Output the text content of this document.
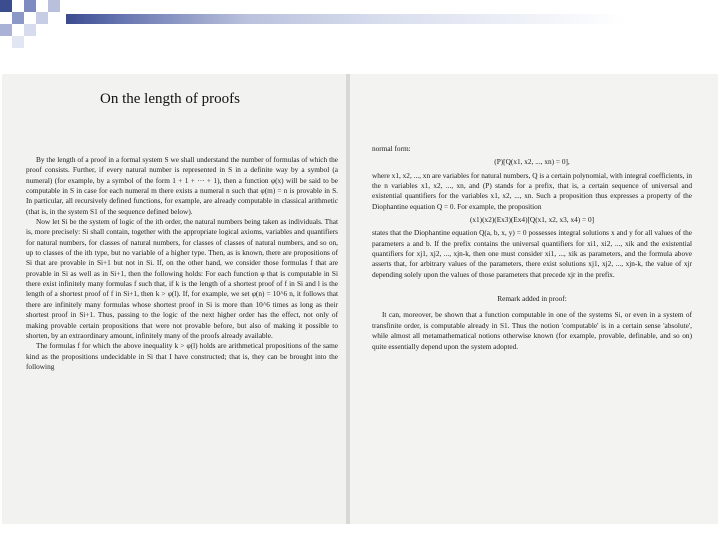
On the length of proofs

By the length of a proof in a formal system S we shall understand the number of formulas of which the proof consists. Further, if every natural number is represented in S in a definite way by a symbol (a numeral) (for example, by a symbol of the form 1 + 1 + ··· + 1), then a function φ(x) will be said to be computable in S in case for each numeral m there exists a numeral n such that φ(m) = n is provable in S. In particular, all recursively defined functions, for example, are already computable in classical arithmetic (that is, in the system S1 of the sequence defined below).

Now let Si be the system of logic of the ith order, the natural numbers being taken as individuals. That is, more precisely: Si shall contain, together with the appropriate logical axioms, variables and quantifiers for natural numbers, for classes of natural numbers, for classes of classes of natural numbers, and so on, up to classes of the ith type, but no variable of a higher type. Then, as is known, there are propositions of Si that are provable in Si+1 but not in Si. If, on the other hand, we consider those formulas f that are provable in Si as well as in Si+1, then the following holds: For each function φ that is computable in Si there exist infinitely many formulas f such that, if k is the length of a shortest proof of f in Si and l is the length of a shortest proof of f in Si+1, then k > φ(l). If, for example, we set φ(n) = 10^6 n, it follows that there are infinitely many formulas whose shortest proof in Si is more than 10^6 times as long as their shortest proof in Si+1. Thus, passing to the logic of the next higher order has the effect, not only of making provable certain propositions that were not provable before, but also of making it possible to shorten, by an extraordinary amount, infinitely many of the proofs already available.

The formulas f for which the above inequality k > φ(l) holds are arithmetical propositions of the same kind as the propositions undecidable in Si that I have constructed; that is, they can be brought into the following

normal form:

(P)[Q(x1, x2, ..., xn) = 0],

where x1, x2, ..., xn are variables for natural numbers, Q is a certain polynomial, with integral coefficients, in the n variables x1, x2, ..., xn, and (P) stands for a prefix, that is, a certain sequence of universal and existential quantifiers for the variables x1, x2, ..., xn. Such a proposition thus expresses a property of the Diophantine equation Q = 0. For example, the proposition

(x1)(x2)(Ex3)(Ex4)[Q(x1, x2, x3, x4) = 0]

states that the Diophantine equation Q(a, b, x, y) = 0 possesses integral solutions x and y for all values of the parameters a and b. If the prefix contains the universal quantifiers for xi1, xi2, ..., xik and the existential quantifiers for xj1, xj2, ..., xjn-k, then one must consider xi1, ..., xik as parameters, and the formula above asserts that, for arbitrary values of the parameters, there exist solutions xj1, xj2, ..., xjn-k, the value of xjr depending solely upon the values of those parameters that precede xjr in the prefix.

Remark added in proof:

It can, moreover, be shown that a function computable in one of the systems Si, or even in a system of transfinite order, is computable already in S1. Thus the notion 'computable' is in a certain sense 'absolute', while almost all metamathematical notions otherwise known (for example, provable, definable, and so on) quite essentially depend upon the system adopted.
